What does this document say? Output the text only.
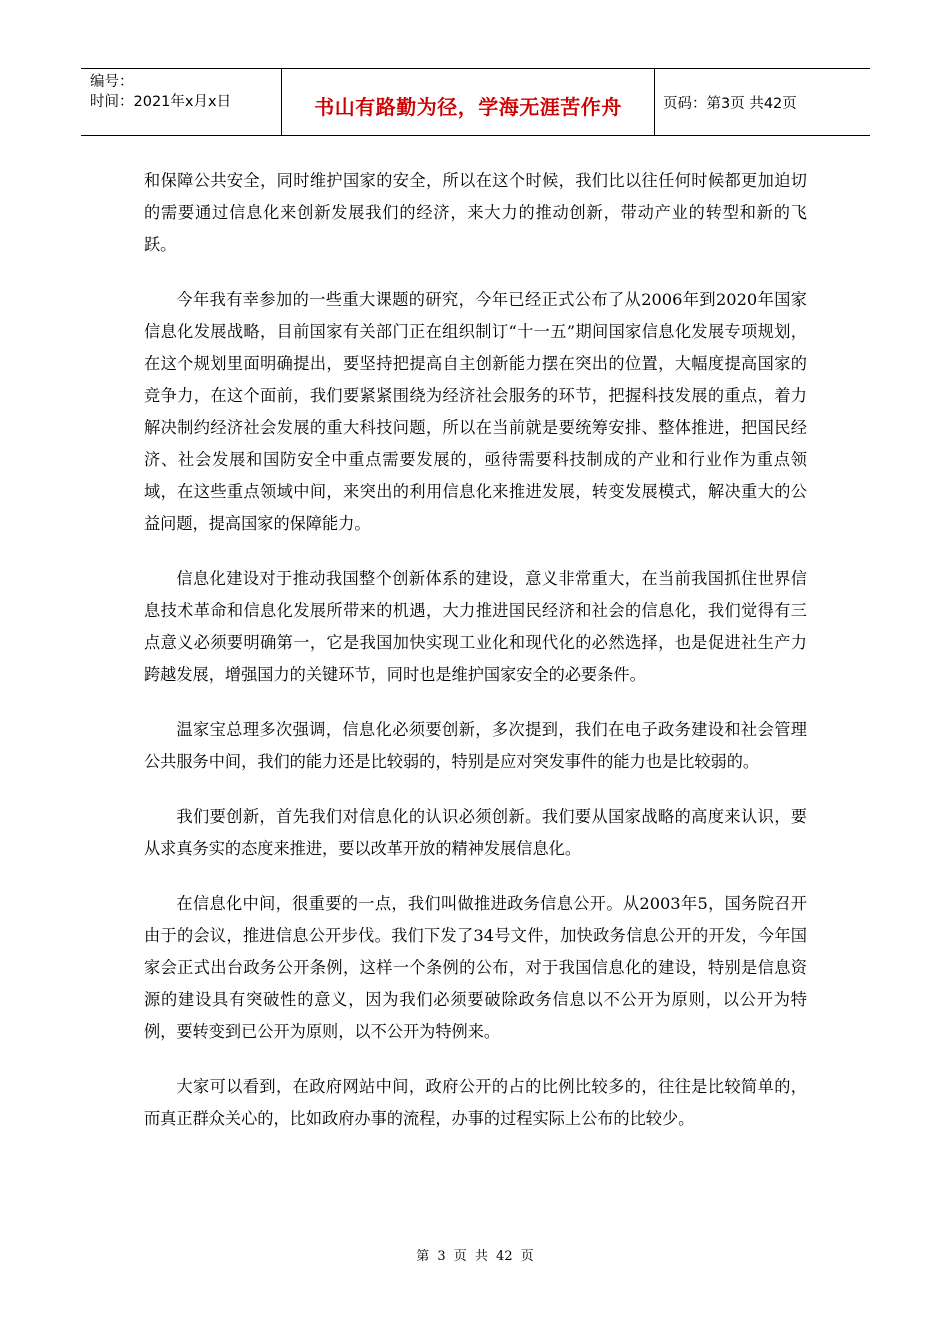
编号：
时间：2021年x月x日	书山有路勤为径，学海无涯苦作舟	页码：第3页 共42页

和保障公共安全，同时维护国家的安全，所以在这个时候，我们比以往任何时候都更加迫切的需要通过信息化来创新发展我们的经济，来大力的推动创新，带动产业的转型和新的飞跃。

今年我有幸参加的一些重大课题的研究，今年已经正式公布了从2006年到2020年国家信息化发展战略，目前国家有关部门正在组织制订“十一五”期间国家信息化发展专项规划，在这个规划里面明确提出，要坚持把提高自主创新能力摆在突出的位置，大幅度提高国家的竞争力，在这个面前，我们要紧紧围绕为经济社会服务的环节，把握科技发展的重点，着力解决制约经济社会发展的重大科技问题，所以在当前就是要统筹安排、整体推进，把国民经济、社会发展和国防安全中重点需要发展的，亟待需要科技制成的产业和行业作为重点领域，在这些重点领域中间，来突出的利用信息化来推进发展，转变发展模式，解决重大的公益问题，提高国家的保障能力。

信息化建设对于推动我国整个创新体系的建设，意义非常重大，在当前我国抓住世界信息技术革命和信息化发展所带来的机遇，大力推进国民经济和社会的信息化，我们觉得有三点意义必须要明确第一，它是我国加快实现工业化和现代化的必然选择，也是促进社生产力跨越发展，增强国力的关键环节，同时也是维护国家安全的必要条件。

温家宝总理多次强调，信息化必须要创新，多次提到，我们在电子政务建设和社会管理公共服务中间，我们的能力还是比较弱的，特别是应对突发事件的能力也是比较弱的。

我们要创新，首先我们对信息化的认识必须创新。我们要从国家战略的高度来认识，要从求真务实的态度来推进，要以改革开放的精神发展信息化。

在信息化中间，很重要的一点，我们叫做推进政务信息公开。从2003年5，国务院召开由于的会议，推进信息公开步伐。我们下发了34号文件，加快政务信息公开的开发，今年国家会正式出台政务公开条例，这样一个条例的公布，对于我国信息化的建设，特别是信息资源的建设具有突破性的意义，因为我们必须要破除政务信息以不公开为原则，以公开为特例，要转变到已公开为原则，以不公开为特例来。

大家可以看到，在政府网站中间，政府公开的占的比例比较多的，往往是比较简单的，而真正群众关心的，比如政府办事的流程，办事的过程实际上公布的比较少。

第 3 页 共 42 页
